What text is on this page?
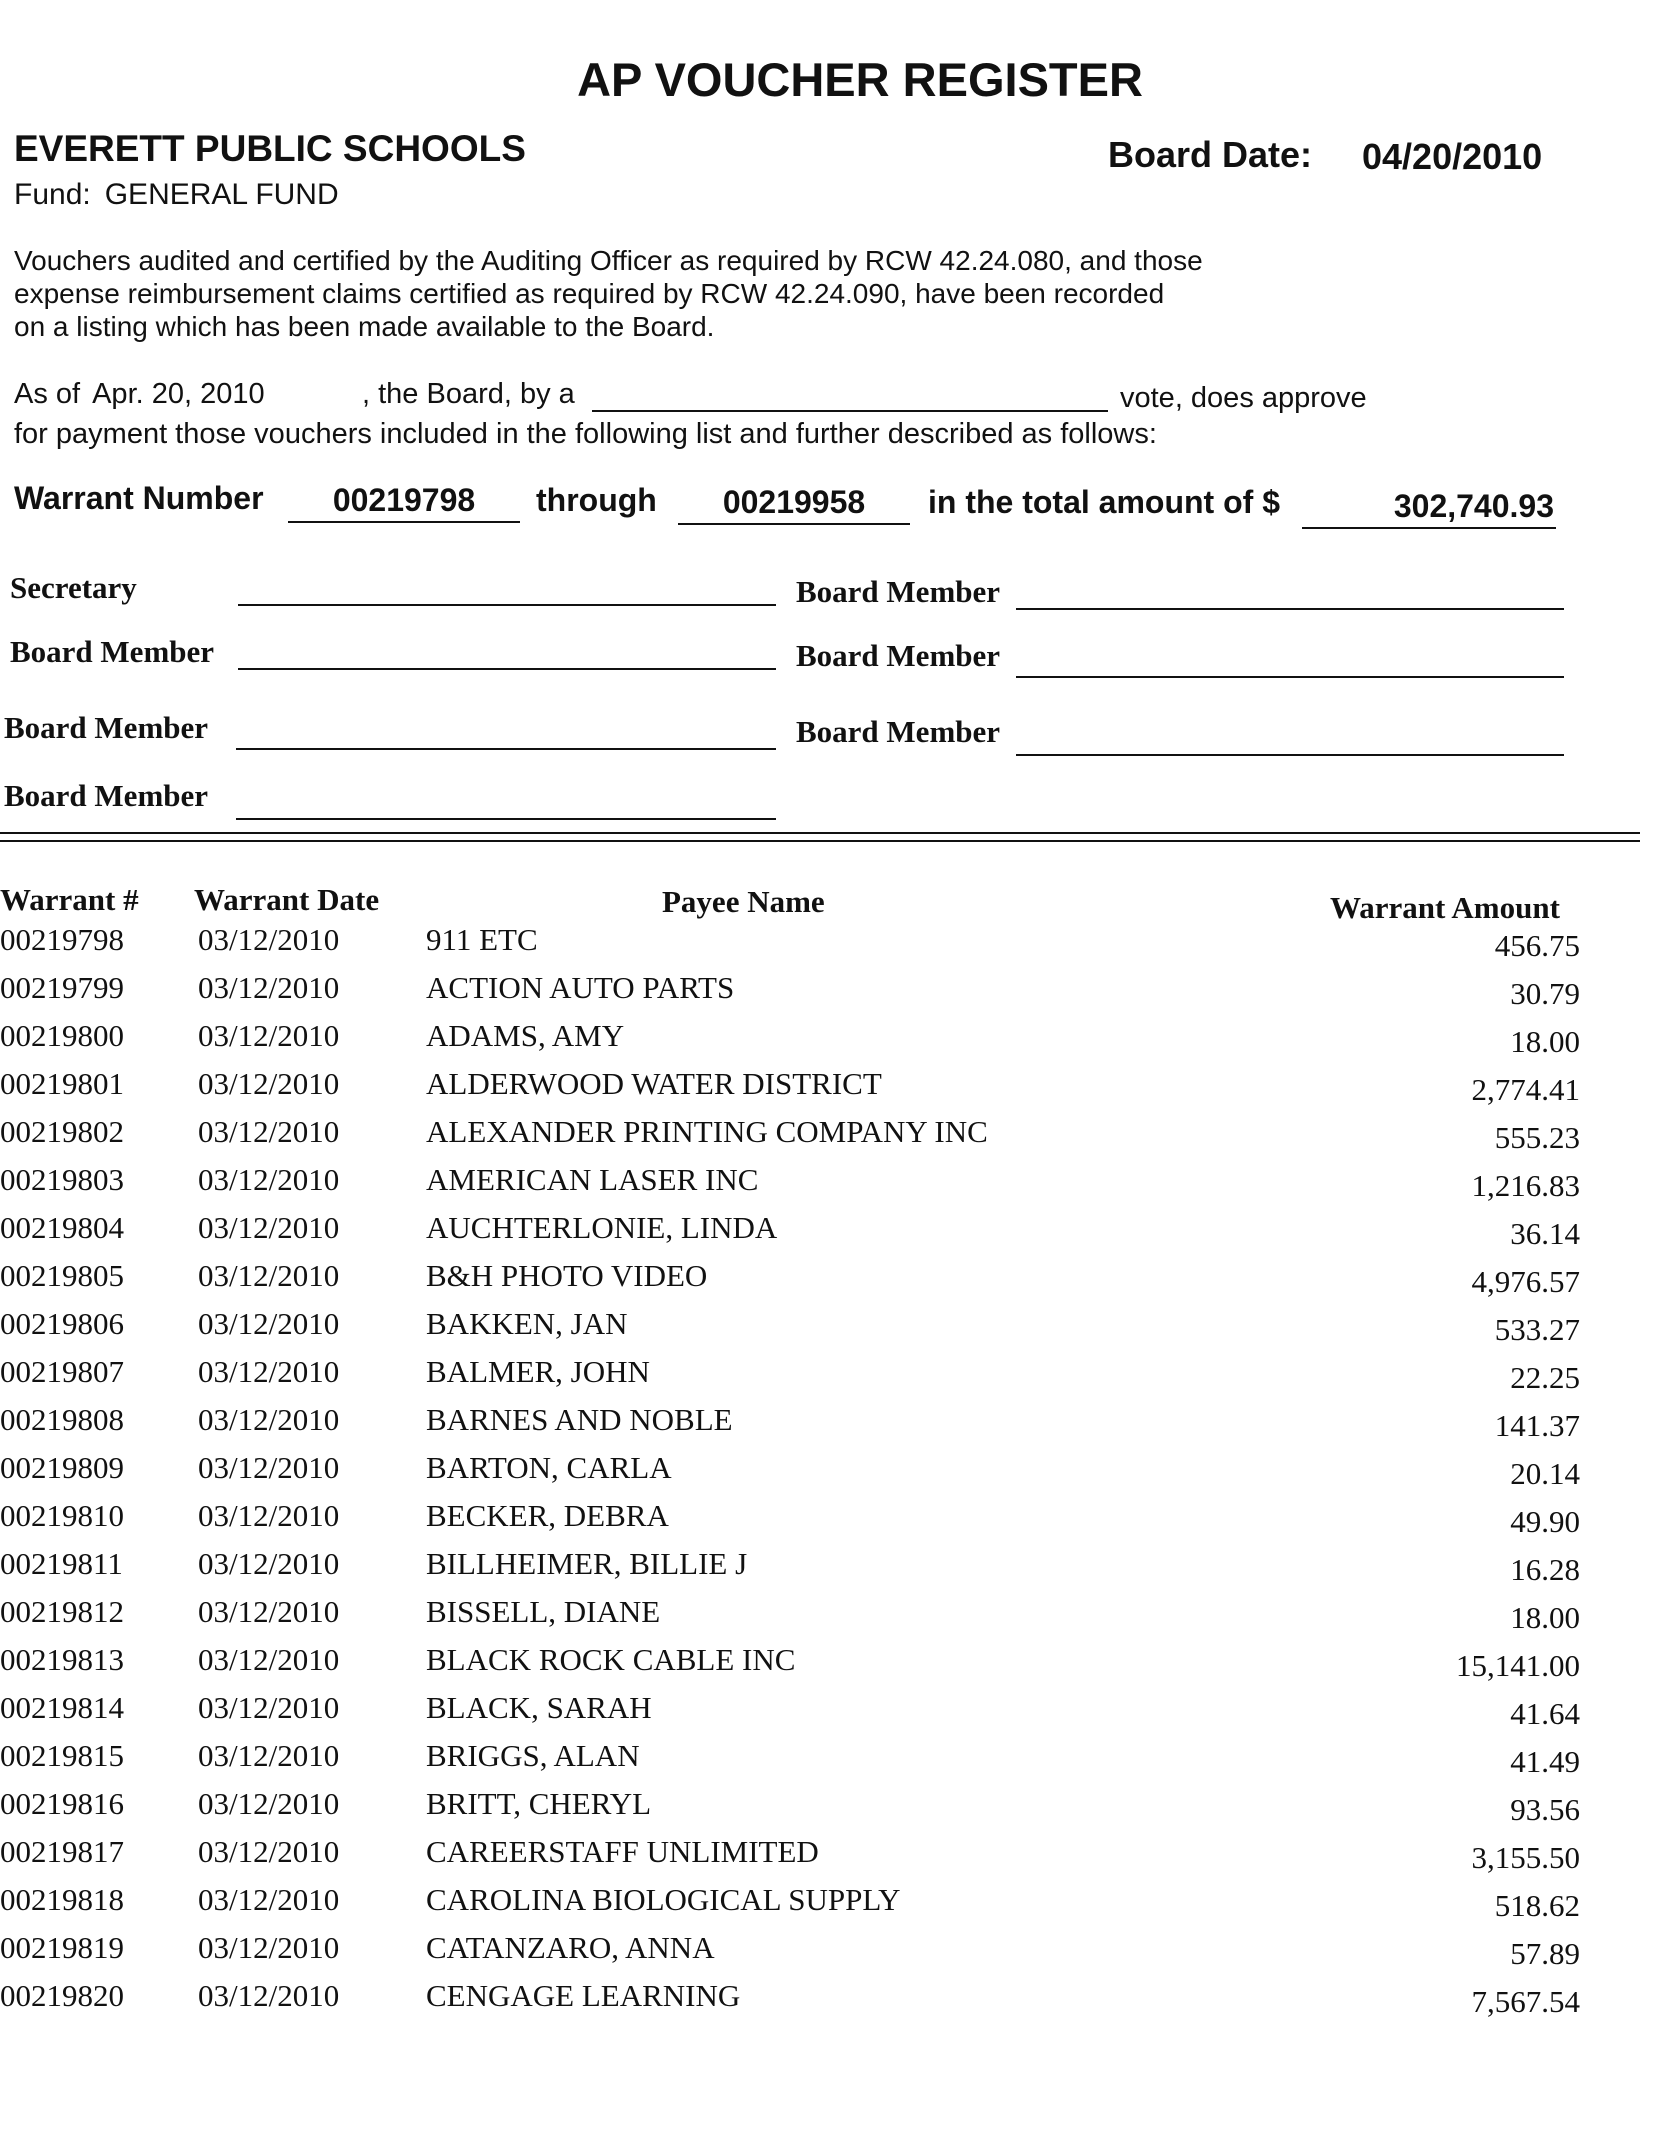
AP VOUCHER REGISTER
EVERETT PUBLIC SCHOOLS	Board Date: 04/20/2010
Fund: GENERAL FUND
Vouchers audited and certified by the Auditing Officer as required by RCW 42.24.080, and those
expense reimbursement claims certified as required by RCW 42.24.090, have been recorded
on a listing which has been made available to the Board.
As of Apr. 20, 2010	, the Board, by a	vote, does approve
for payment those vouchers included in the following list and further described as follows:
Warrant Number	00219798	through	00219958	in the total amount of $	302,740.93
Secretary	Board Member
Board Member	Board Member
Board Member	Board Member
Board Member
Warrant # Warrant Date	Payee Name	Warrant Amount
00219798 03/12/2010	911 ETC	456.75
00219799 03/12/2010	ACTION AUTO PARTS	30.79
00219800 03/12/2010	ADAMS, AMY	18.00
00219801 03/12/2010	ALDERWOOD WATER DISTRICT	2,774.41
00219802 03/12/2010	ALEXANDER PRINTING COMPANY INC	555.23
00219803 03/12/2010	AMERICAN LASER INC	1,216.83
00219804 03/12/2010	AUCHTERLONIE, LINDA	36.14
00219805 03/12/2010	B&H PHOTO VIDEO	4,976.57
00219806 03/12/2010	BAKKEN, JAN	533.27
00219807 03/12/2010	BALMER, JOHN	22.25
00219808 03/12/2010	BARNES AND NOBLE	141.37
00219809 03/12/2010	BARTON, CARLA	20.14
00219810 03/12/2010	BECKER, DEBRA	49.90
00219811 03/12/2010	BILLHEIMER, BILLIE J	16.28
00219812 03/12/2010	BISSELL, DIANE	18.00
00219813 03/12/2010	BLACK ROCK CABLE INC	15,141.00
00219814 03/12/2010	BLACK, SARAH	41.64
00219815 03/12/2010	BRIGGS, ALAN	41.49
00219816 03/12/2010	BRITT, CHERYL	93.56
00219817 03/12/2010	CAREERSTAFF UNLIMITED	3,155.50
00219818 03/12/2010	CAROLINA BIOLOGICAL SUPPLY	518.62
00219819 03/12/2010	CATANZARO, ANNA	57.89
00219820 03/12/2010	CENGAGE LEARNING	7,567.54
